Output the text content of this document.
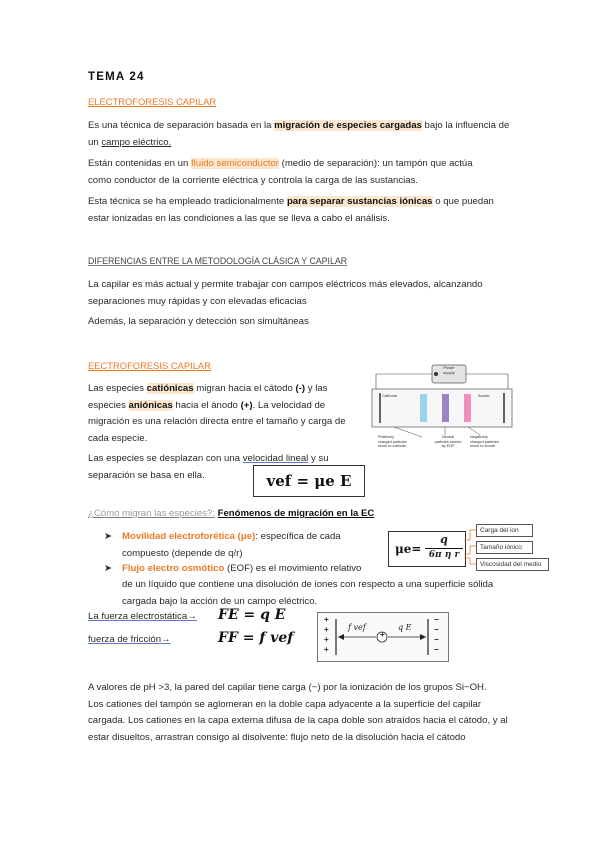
TEMA 24
ELECTROFORESIS CAPILAR
Es una técnica de separación basada en la migración de especies cargadas bajo la influencia de
un campo eléctrico.
Están contenidas en un fluido semiconductor (medio de separación): un tampón que actúa
como conductor de la corriente eléctrica y controla la carga de las sustancias.
Esta técnica se ha empleado tradicionalmente para separar sustancias iónicas o que puedan
estar ionizadas en las condiciones a las que se lleva a cabo el análisis.
DIFERENCIAS ENTRE LA METODOLOGÍA CLÁSICA Y CAPILAR
La capilar es más actual y permite trabajar con campos eléctricos más elevados, alcanzando
separaciones muy rápidas y con elevadas eficacias
Además, la separación y detección son simultáneas
EECTROFORESIS CAPILAR
Las especies catiónicas migran hacia el cátodo (-) y las
especies aniónicas hacia el ánodo (+). La velocidad de
migración es una relación directa entre el tamaño y carga de
cada especie.
Las especies se desplazan con una velocidad lineal y su
separación se basa en ella.	vef = μe E
Power
supply
Cathode	Anode
Positively
charged particles
move to cathode
Neutral
particles carried
by EOF
Negatively
charged particles
move to anode
¿Cómo migran las especies?: Fenómenos de migración en la EC
➤	Movilidad electroforética (μe): específica de cada
compuesto (depende de q/r)
➤	Flujo electro osmótico (EOF) es el movimiento relativo
de un líquido que contiene una disolución de iones con respecto a una superficie sólida
cargada bajo la acción de un campo eléctrico.
μe=
q
6π η r
Carga del ion
Tamaño iónico
Viscosidad del medio
La fuerza electrostática→ FE = q E
fuerza de fricción→	FF = f vef
+
+
+
+
−
−
−
−
+
f vef	q E
A valores de pH >3, la pared del capilar tiene carga (−) por la ionización de los grupos Si−OH.
Los cationes del tampón se aglomeran en la doble capa adyacente a la superficie del capilar
cargada. Los cationes en la capa externa difusa de la capa doble son atraídos hacia el cátodo, y al
estar disueltos, arrastran consigo al disolvente: flujo neto de la disolución hacia el cátodo
